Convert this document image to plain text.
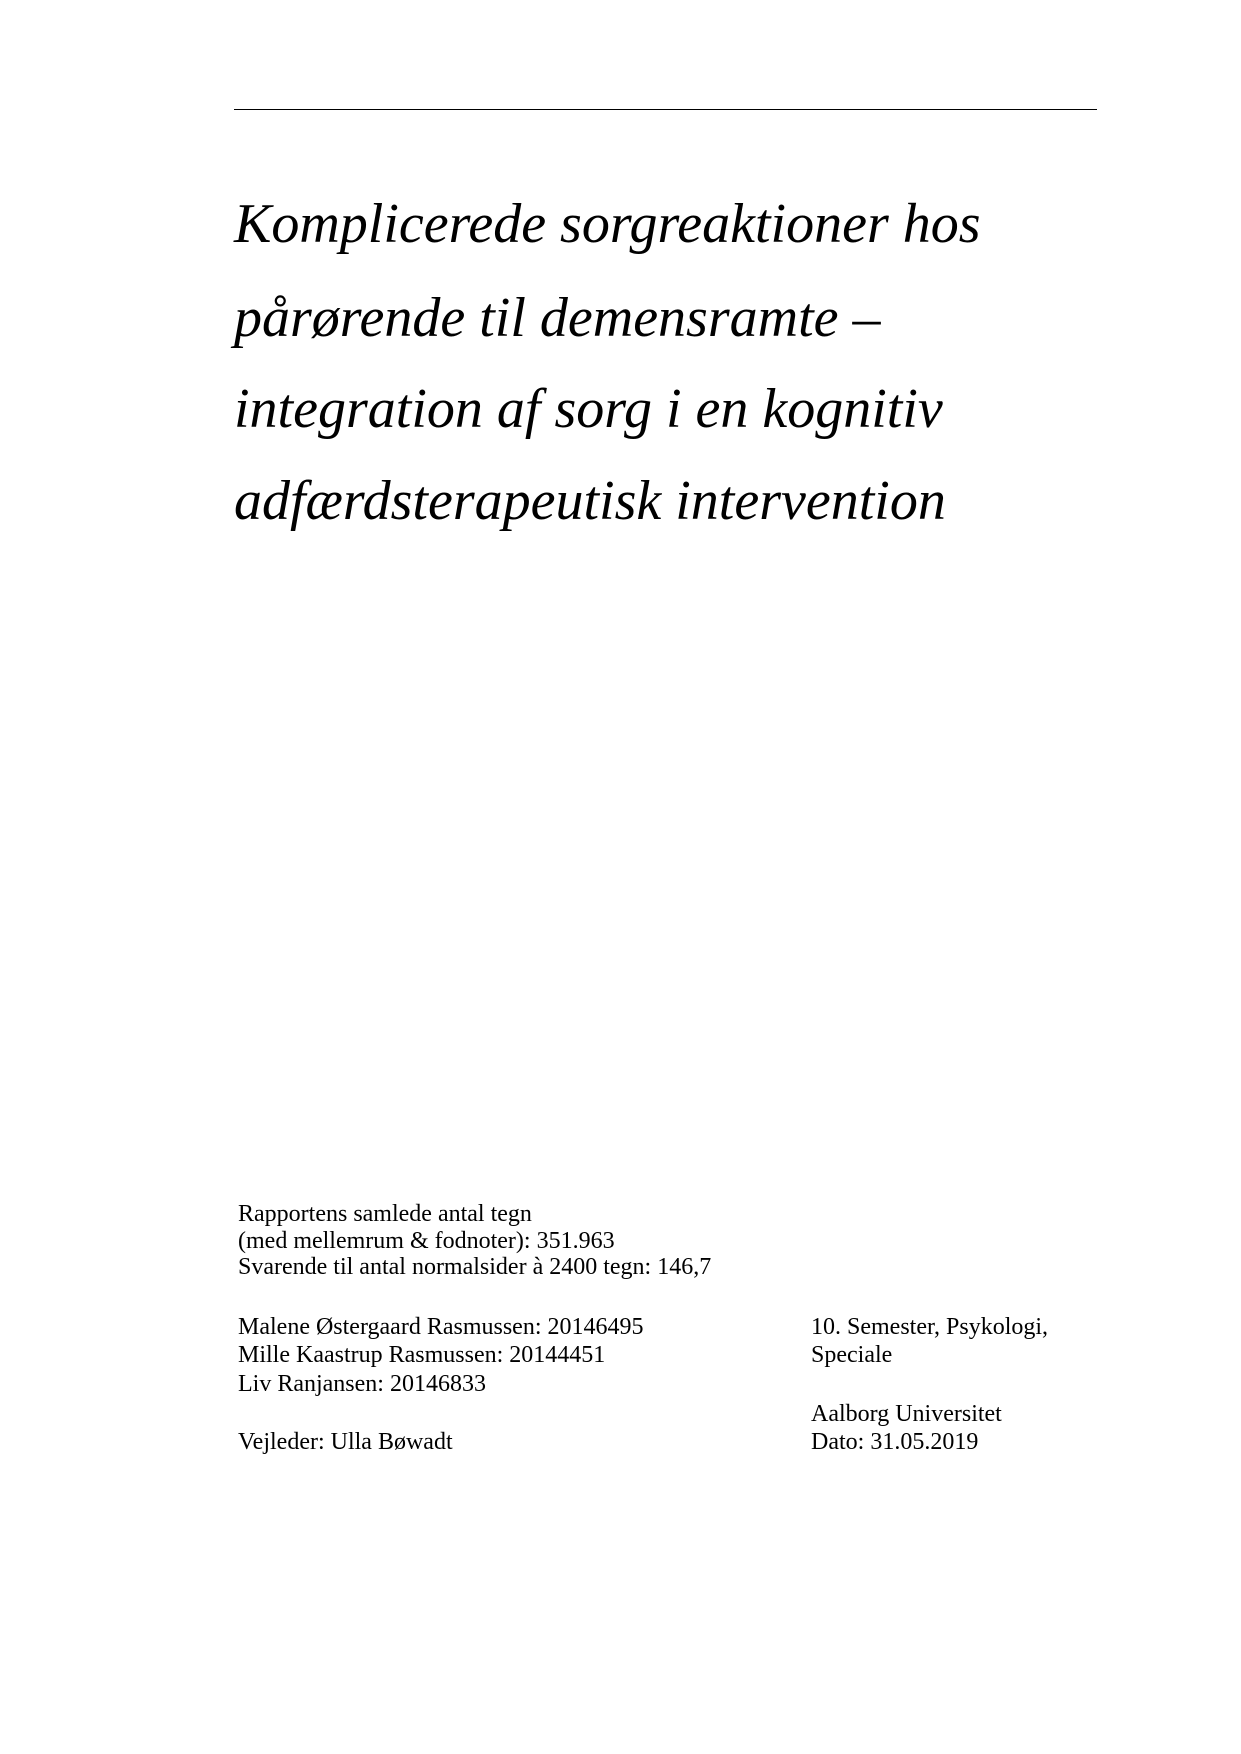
Komplicerede sorgreaktioner hos
pårørende til demensramte –
integration af sorg i en kognitiv
adfærdsterapeutisk intervention
Rapportens samlede antal tegn
(med mellemrum & fodnoter): 351.963
Svarende til antal normalsider à 2400 tegn: 146,7
Malene Østergaard Rasmussen: 20146495
Mille Kaastrup Rasmussen: 20144451
Liv Ranjansen: 20146833
Vejleder: Ulla Bøwadt
10. Semester, Psykologi,
Speciale
Aalborg Universitet
Dato: 31.05.2019
